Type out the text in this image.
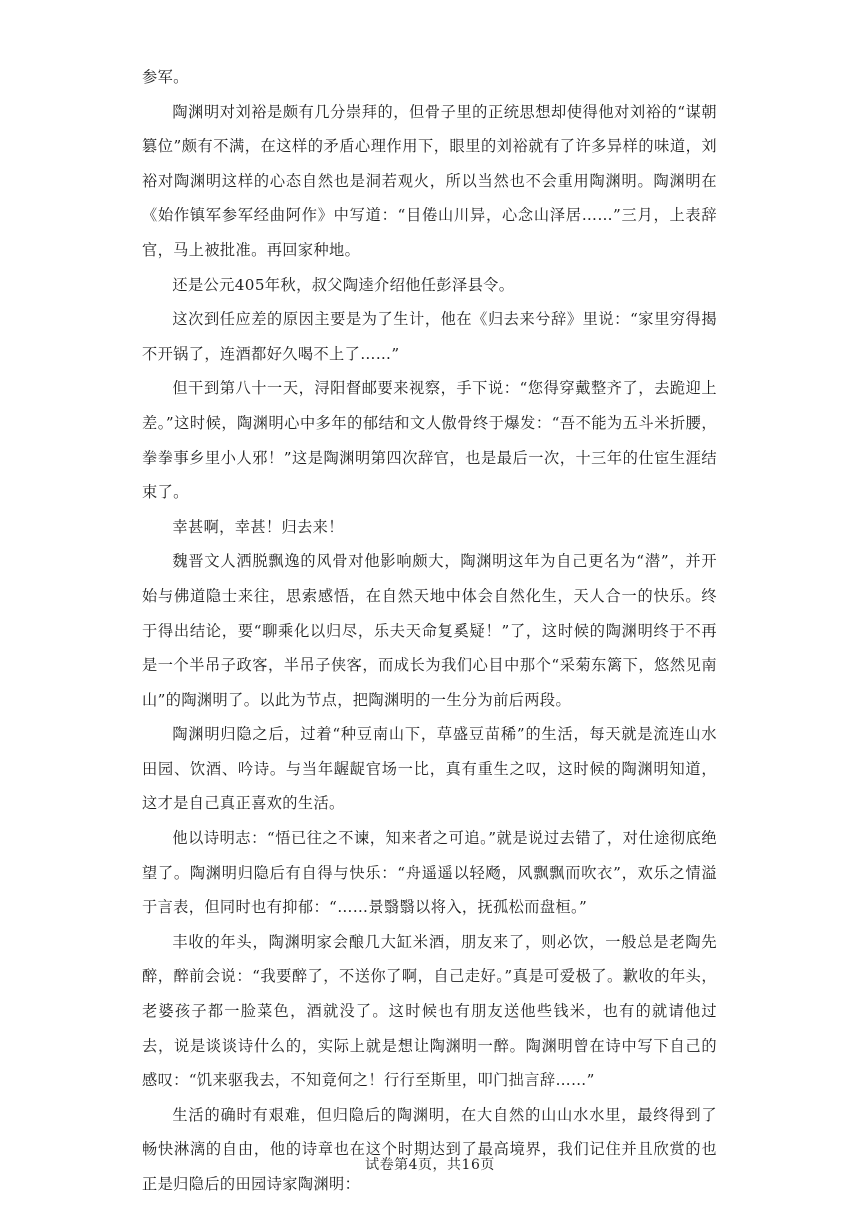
参军。

陶渊明对刘裕是颇有几分崇拜的，但骨子里的正统思想却使得他对刘裕的“谋朝篡位”颇有不满，在这样的矛盾心理作用下，眼里的刘裕就有了许多异样的味道，刘裕对陶渊明这样的心态自然也是洞若观火，所以当然也不会重用陶渊明。陶渊明在《始作镇军参军经曲阿作》中写道：“目倦山川异，心念山泽居……”三月，上表辞官，马上被批准。再回家种地。

还是公元405年秋，叔父陶逵介绍他任彭泽县令。

这次到任应差的原因主要是为了生计，他在《归去来兮辞》里说：“家里穷得揭不开锅了，连酒都好久喝不上了……”

但干到第八十一天，浔阳督邮要来视察，手下说：“您得穿戴整齐了，去跪迎上差。”这时候，陶渊明心中多年的郁结和文人傲骨终于爆发：“吾不能为五斗米折腰，拳拳事乡里小人邪！”这是陶渊明第四次辞官，也是最后一次，十三年的仕宦生涯结束了。

幸甚啊，幸甚！归去来！

魏晋文人洒脱飘逸的风骨对他影响颇大，陶渊明这年为自己更名为“潜”，并开始与佛道隐士来往，思索感悟，在自然天地中体会自然化生，天人合一的快乐。终于得出结论，要“聊乘化以归尽，乐夫天命复奚疑！”了，这时候的陶渊明终于不再是一个半吊子政客，半吊子侠客，而成长为我们心目中那个“采菊东篱下，悠然见南山”的陶渊明了。以此为节点，把陶渊明的一生分为前后两段。

陶渊明归隐之后，过着“种豆南山下，草盛豆苗稀”的生活，每天就是流连山水田园、饮酒、吟诗。与当年龌龊官场一比，真有重生之叹，这时候的陶渊明知道，这才是自己真正喜欢的生活。

他以诗明志：“悟已往之不谏，知来者之可追。”就是说过去错了，对仕途彻底绝望了。陶渊明归隐后有自得与快乐：“舟遥遥以轻飏，风飘飘而吹衣”，欢乐之情溢于言表，但同时也有抑郁：“……景翳翳以将入，抚孤松而盘桓。”

丰收的年头，陶渊明家会酿几大缸米酒，朋友来了，则必饮，一般总是老陶先醉，醉前会说：“我要醉了，不送你了啊，自己走好。”真是可爱极了。歉收的年头，老婆孩子都一脸菜色，酒就没了。这时候也有朋友送他些钱米，也有的就请他过去，说是谈谈诗什么的，实际上就是想让陶渊明一醉。陶渊明曾在诗中写下自己的感叹：“饥来驱我去，不知竟何之！行行至斯里，叩门拙言辞……”

生活的确时有艰难，但归隐后的陶渊明，在大自然的山山水水里，最终得到了畅快淋漓的自由，他的诗章也在这个时期达到了最高境界，我们记住并且欣赏的也正是归隐后的田园诗家陶渊明：

试卷第4页，共16页
